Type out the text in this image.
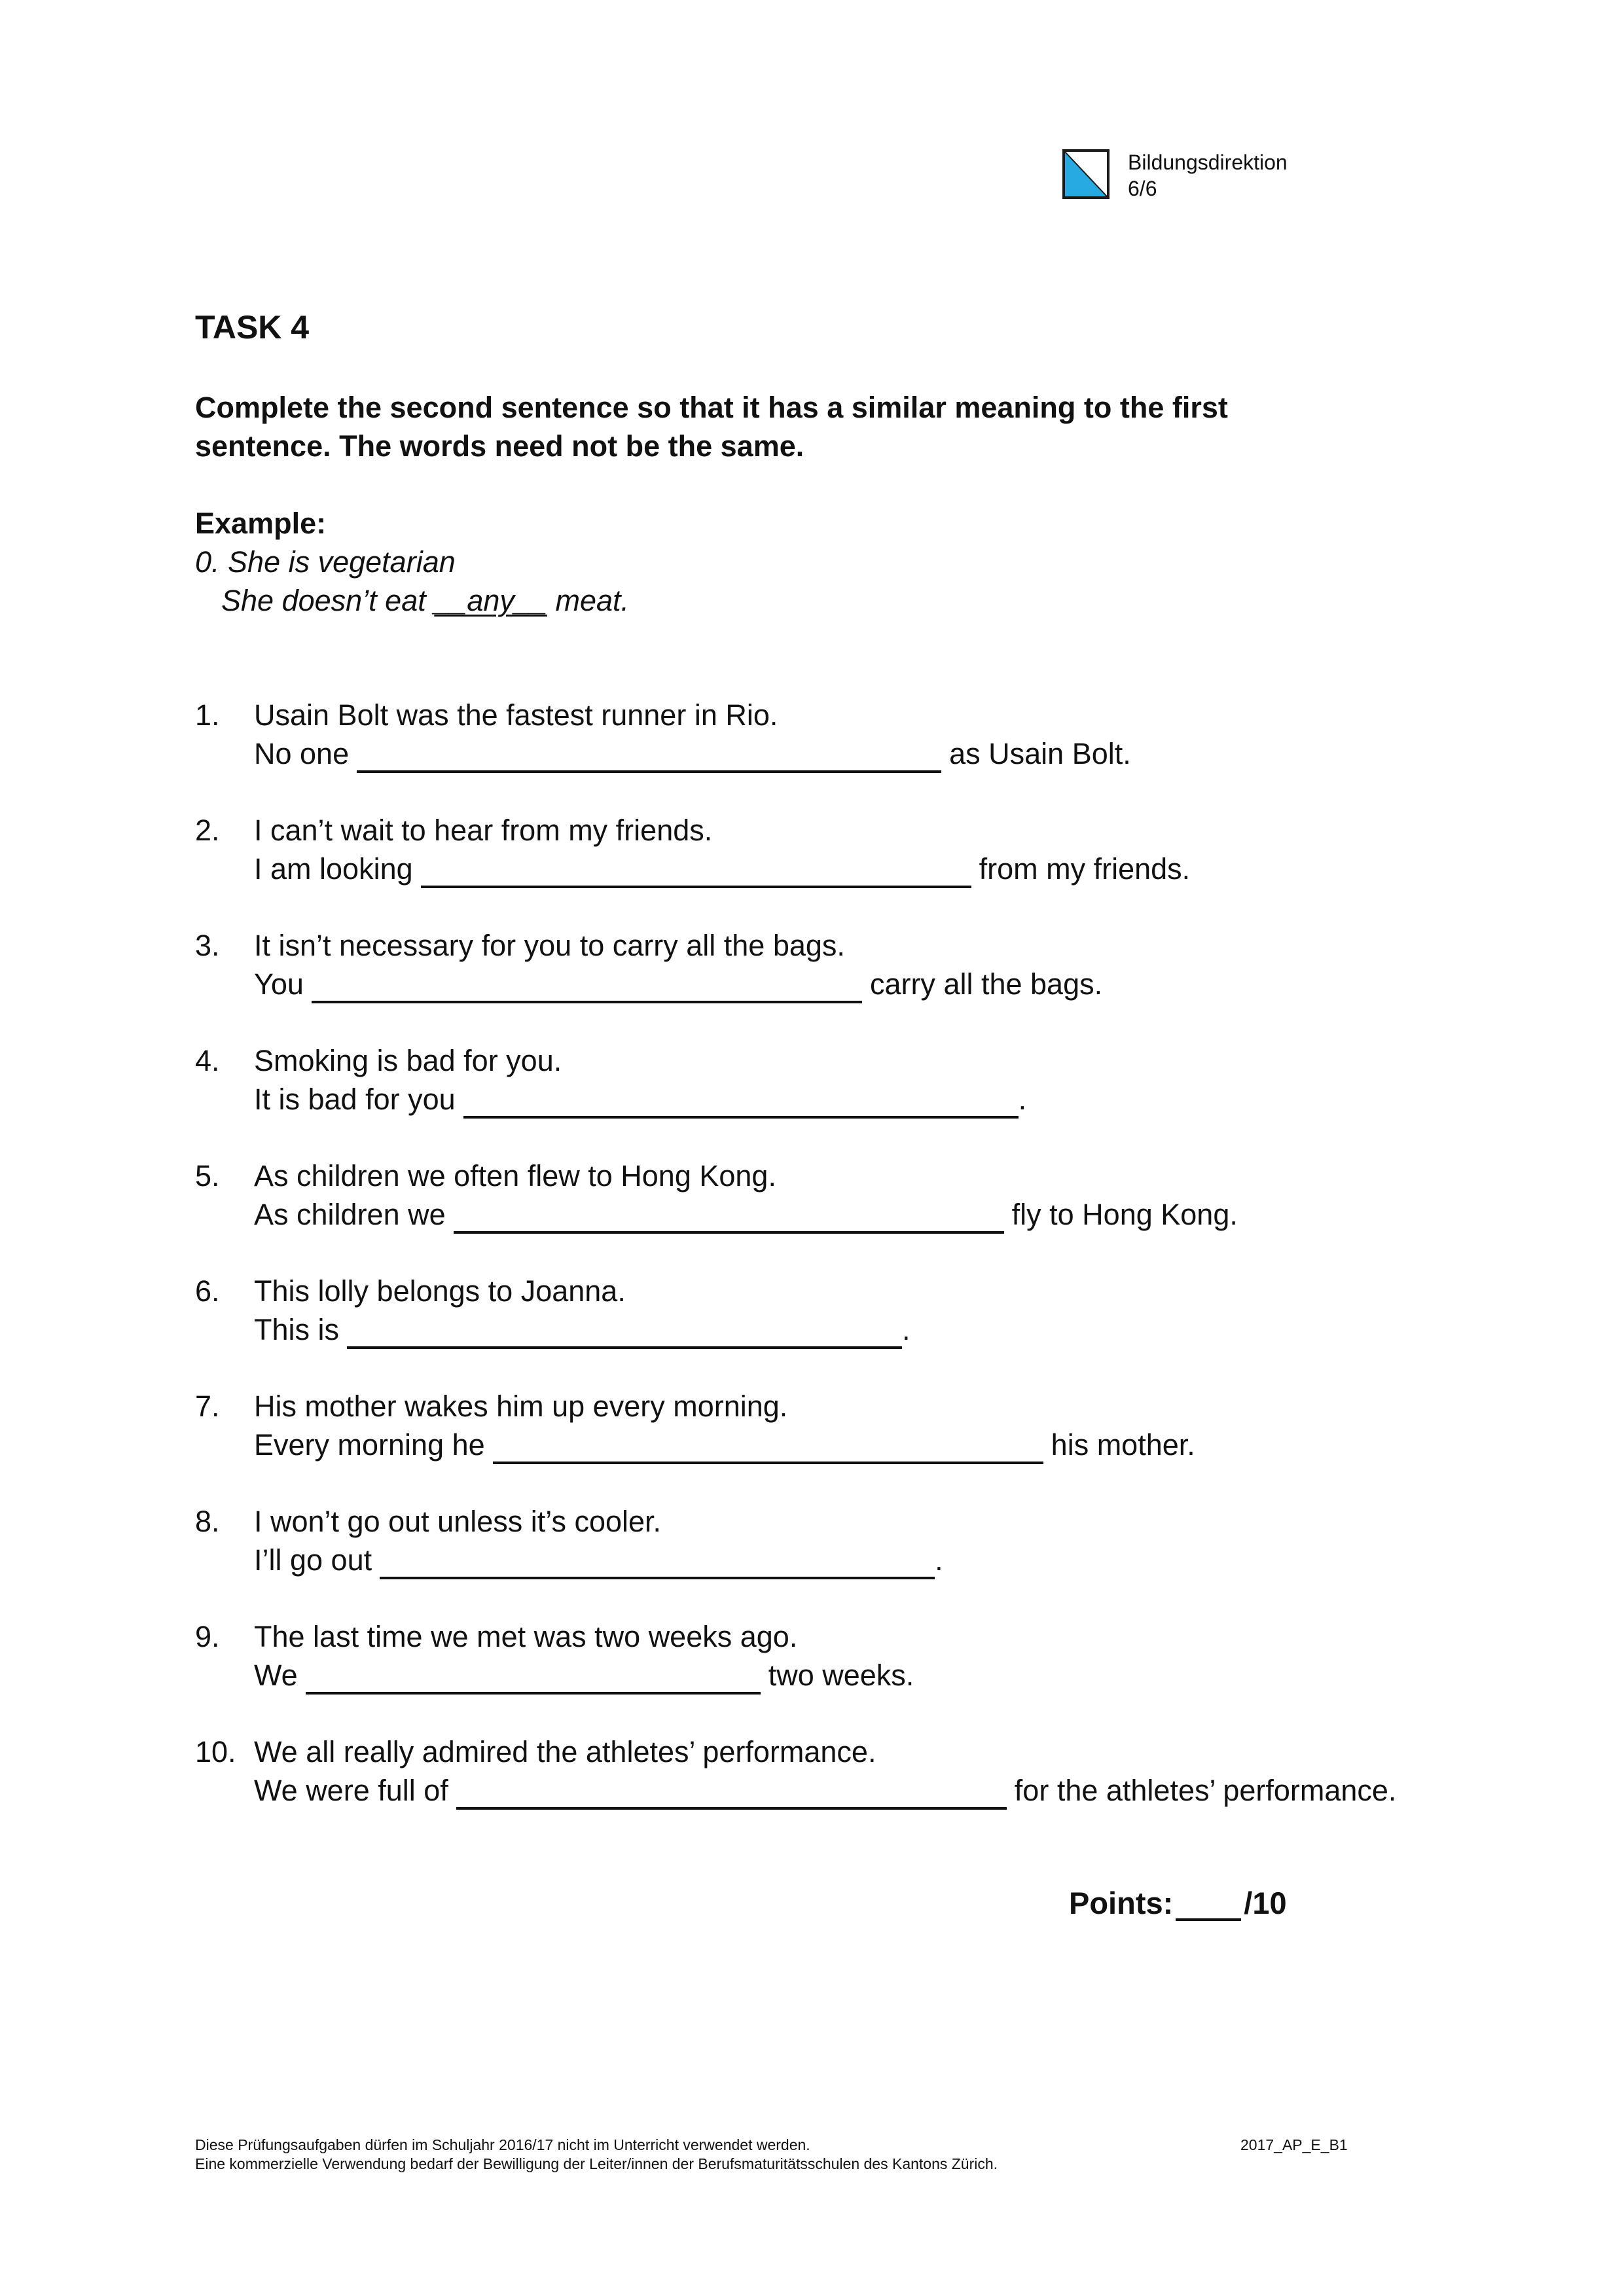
Bildungsdirektion
6/6
TASK 4
Complete the second sentence so that it has a similar meaning to the first
sentence. The words need not be the same.
Example:
0. She is vegetarian
She doesn’t eat __any__ meat.
1. Usain Bolt was the fastest runner in Rio.
No one	as Usain Bolt.
2. I can’t wait to hear from my friends.
I am looking	from my friends.
3. It isn’t necessary for you to carry all the bags.
You	carry all the bags.
4. Smoking is bad for you.
It is bad for you	.
5. As children we often flew to Hong Kong.
As children we	fly to Hong Kong.
6. This lolly belongs to Joanna.
This is	.
7. His mother wakes him up every morning.
Every morning he	his mother.
8. I won’t go out unless it’s cooler.
I’ll go out	.
9. The last time we met was two weeks ago.
We	two weeks.
10. We all really admired the athletes’ performance.
We were full of	for the athletes’ performance.
Points: /10
Diese Prüfungsaufgaben dürfen im Schuljahr 2016/17 nicht im Unterricht verwendet werden.
Eine kommerzielle Verwendung bedarf der Bewilligung der Leiter/innen der Berufsmaturitätsschulen des Kantons Zürich.
2017_AP_E_B1
